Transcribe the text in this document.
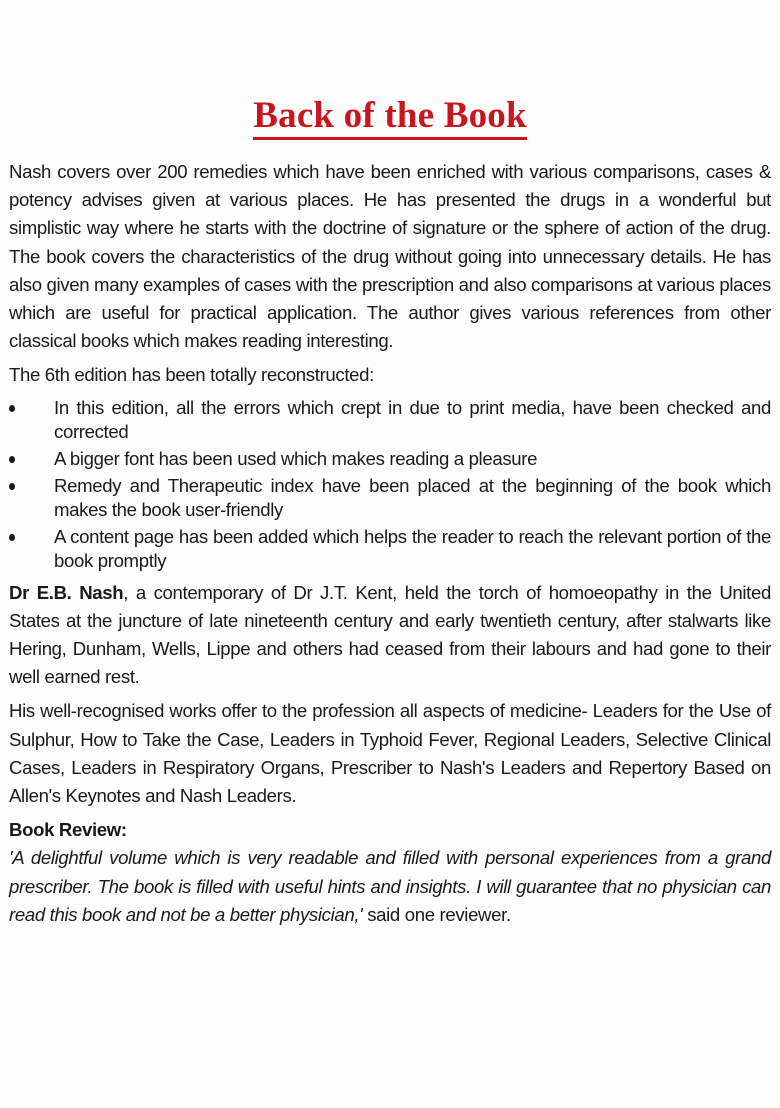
Back of the Book

Nash covers over 200 remedies which have been enriched with various comparisons, cases & potency advises given at various places. He has presented the drugs in a wonderful but simplistic way where he starts with the doctrine of signature or the sphere of action of the drug. The book covers the characteristics of the drug without going into unnecessary details. He has also given many examples of cases with the prescription and also comparisons at various places which are useful for practical application. The author gives various references from other classical books which makes reading interesting.

The 6th edition has been totally reconstructed:

In this edition, all the errors which crept in due to print media, have been checked and corrected
A bigger font has been used which makes reading a pleasure
Remedy and Therapeutic index have been placed at the beginning of the book which makes the book user-friendly
A content page has been added which helps the reader to reach the relevant portion of the book promptly

Dr E.B. Nash, a contemporary of Dr J.T. Kent, held the torch of homoeopathy in the United States at the juncture of late nineteenth century and early twentieth century, after stalwarts like Hering, Dunham, Wells, Lippe and others had ceased from their labours and had gone to their well earned rest.

His well-recognised works offer to the profession all aspects of medicine- Leaders for the Use of Sulphur, How to Take the Case, Leaders in Typhoid Fever, Regional Leaders, Selective Clinical Cases, Leaders in Respiratory Organs, Prescriber to Nash's Leaders and Repertory Based on Allen's Keynotes and Nash Leaders.

Book Review:

'A delightful volume which is very readable and filled with personal experiences from a grand prescriber. The book is filled with useful hints and insights. I will guarantee that no physician can read this book and not be a better physician,' said one reviewer.
